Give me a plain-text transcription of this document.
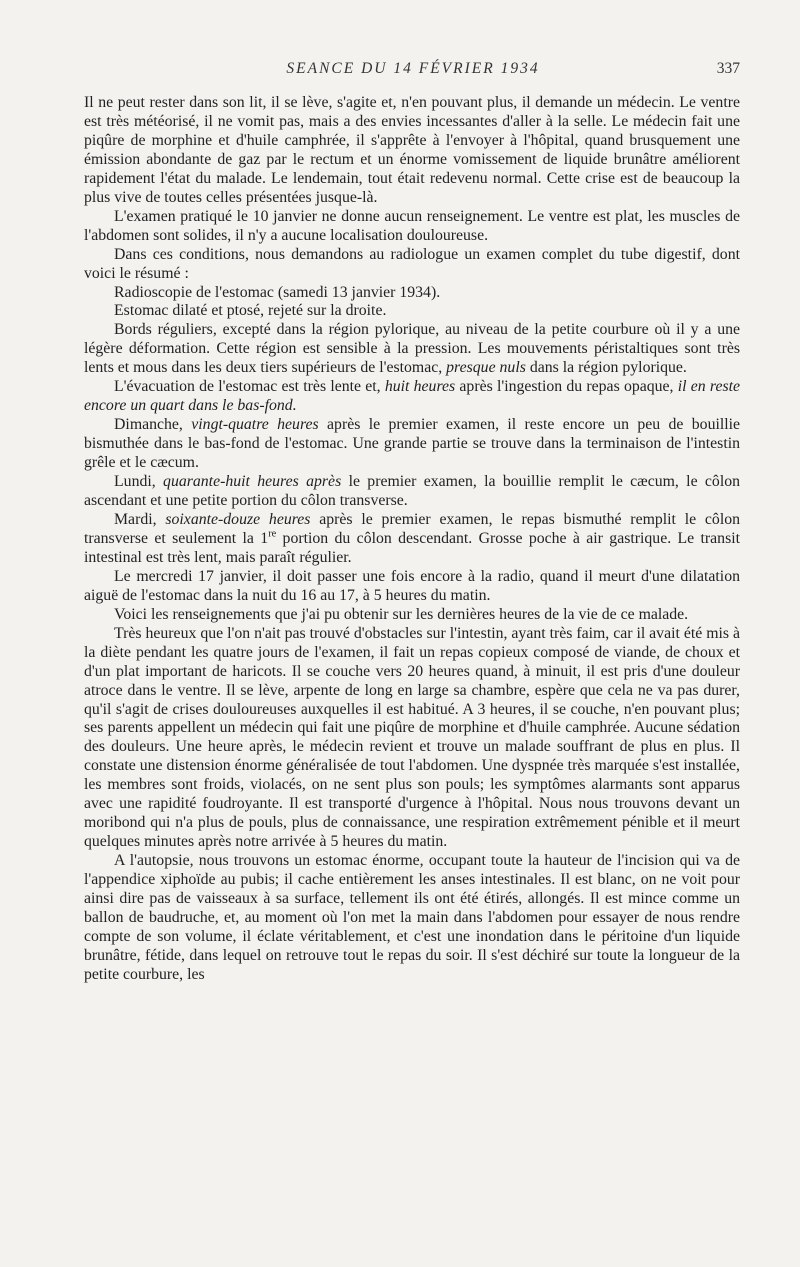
SEANCE DU 14 FÉVRIER 1934	337

Il ne peut rester dans son lit, il se lève, s'agite et, n'en pouvant plus, il demande un médecin. Le ventre est très météorisé, il ne vomit pas, mais a des envies incessantes d'aller à la selle. Le médecin fait une piqûre de morphine et d'huile camphrée, il s'apprête à l'envoyer à l'hôpital, quand brusquement une émission abondante de gaz par le rectum et un énorme vomissement de liquide brunâtre améliorent rapidement l'état du malade. Le lendemain, tout était redevenu normal. Cette crise est de beaucoup la plus vive de toutes celles présentées jusque-là.

L'examen pratiqué le 10 janvier ne donne aucun renseignement. Le ventre est plat, les muscles de l'abdomen sont solides, il n'y a aucune localisation douloureuse.

Dans ces conditions, nous demandons au radiologue un examen complet du tube digestif, dont voici le résumé :

Radioscopie de l'estomac (samedi 13 janvier 1934).

Estomac dilaté et ptosé, rejeté sur la droite.

Bords réguliers, excepté dans la région pylorique, au niveau de la petite courbure où il y a une légère déformation. Cette région est sensible à la pression. Les mouvements péristaltiques sont très lents et mous dans les deux tiers supérieurs de l'estomac, presque nuls dans la région pylorique.

L'évacuation de l'estomac est très lente et, huit heures après l'ingestion du repas opaque, il en reste encore un quart dans le bas-fond.

Dimanche, vingt-quatre heures après le premier examen, il reste encore un peu de bouillie bismuthée dans le bas-fond de l'estomac. Une grande partie se trouve dans la terminaison de l'intestin grêle et le cæcum.

Lundi, quarante-huit heures après le premier examen, la bouillie remplit le cæcum, le côlon ascendant et une petite portion du côlon transverse.

Mardi, soixante-douze heures après le premier examen, le repas bismuthé remplit le côlon transverse et seulement la 1re portion du côlon descendant. Grosse poche à air gastrique. Le transit intestinal est très lent, mais paraît régulier.

Le mercredi 17 janvier, il doit passer une fois encore à la radio, quand il meurt d'une dilatation aiguë de l'estomac dans la nuit du 16 au 17, à 5 heures du matin.

Voici les renseignements que j'ai pu obtenir sur les dernières heures de la vie de ce malade.

Très heureux que l'on n'ait pas trouvé d'obstacles sur l'intestin, ayant très faim, car il avait été mis à la diète pendant les quatre jours de l'examen, il fait un repas copieux composé de viande, de choux et d'un plat important de haricots. Il se couche vers 20 heures quand, à minuit, il est pris d'une douleur atroce dans le ventre. Il se lève, arpente de long en large sa chambre, espère que cela ne va pas durer, qu'il s'agit de crises douloureuses auxquelles il est habitué. A 3 heures, il se couche, n'en pouvant plus; ses parents appellent un médecin qui fait une piqûre de morphine et d'huile camphrée. Aucune sédation des douleurs. Une heure après, le médecin revient et trouve un malade souffrant de plus en plus. Il constate une distension énorme généralisée de tout l'abdomen. Une dyspnée très marquée s'est installée, les membres sont froids, violacés, on ne sent plus son pouls; les symptômes alarmants sont apparus avec une rapidité foudroyante. Il est transporté d'urgence à l'hôpital. Nous nous trouvons devant un moribond qui n'a plus de pouls, plus de connaissance, une respiration extrêmement pénible et il meurt quelques minutes après notre arrivée à 5 heures du matin.

A l'autopsie, nous trouvons un estomac énorme, occupant toute la hauteur de l'incision qui va de l'appendice xiphoïde au pubis; il cache entièrement les anses intestinales. Il est blanc, on ne voit pour ainsi dire pas de vaisseaux à sa surface, tellement ils ont été étirés, allongés. Il est mince comme un ballon de baudruche, et, au moment où l'on met la main dans l'abdomen pour essayer de nous rendre compte de son volume, il éclate véritablement, et c'est une inondation dans le péritoine d'un liquide brunâtre, fétide, dans lequel on retrouve tout le repas du soir. Il s'est déchiré sur toute la longueur de la petite courbure, les
